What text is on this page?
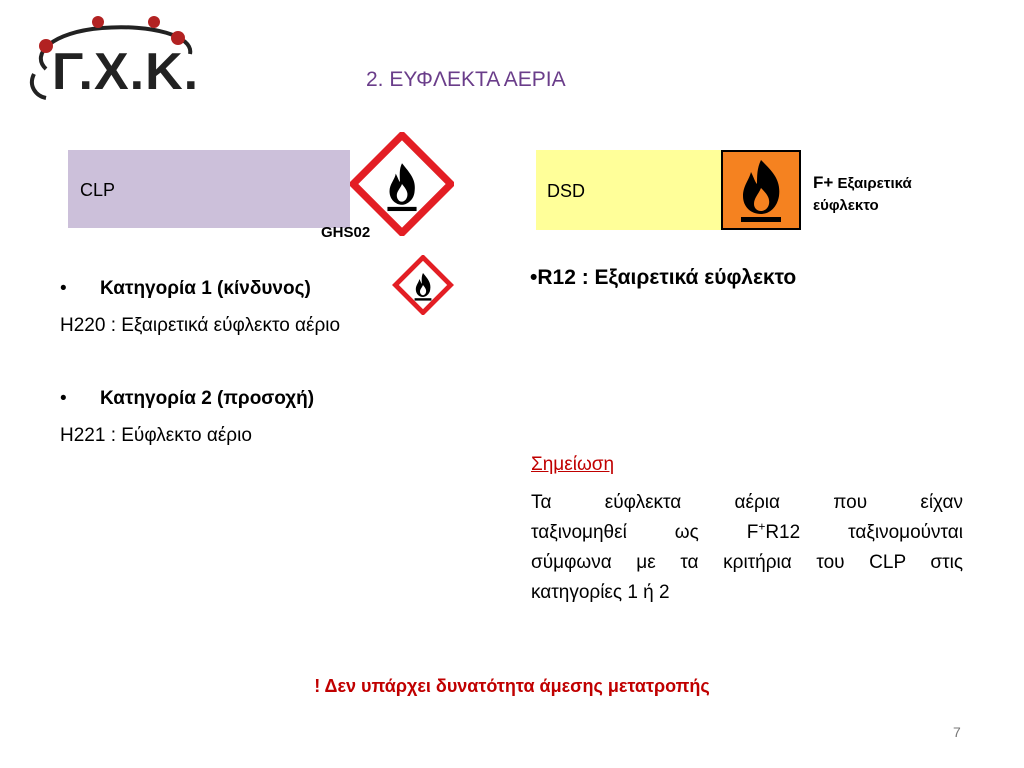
Γ.Χ.Κ.	2. ΕΥΦΛΕΚΤΑ ΑΕΡΙΑ
CLP
GHS02
DSD	F+ Εξαιρετικά
εύφλεκτο
• Κατηγορία 1 (κίνδυνος)
H220 : Εξαιρετικά εύφλεκτο αέριο
• Κατηγορία 2 (προσοχή)
H221 : Εύφλεκτο αέριο
•R12 : Εξαιρετικά εύφλεκτο
Σημείωση
Τα εύφλεκτα αέρια που είχαν
ταξινομηθεί ως F+R12 ταξινομούνται
σύμφωνα με τα κριτήρια του CLP στις
κατηγορίες 1 ή 2
! Δεν υπάρχει δυνατότητα άμεσης μετατροπής
7
